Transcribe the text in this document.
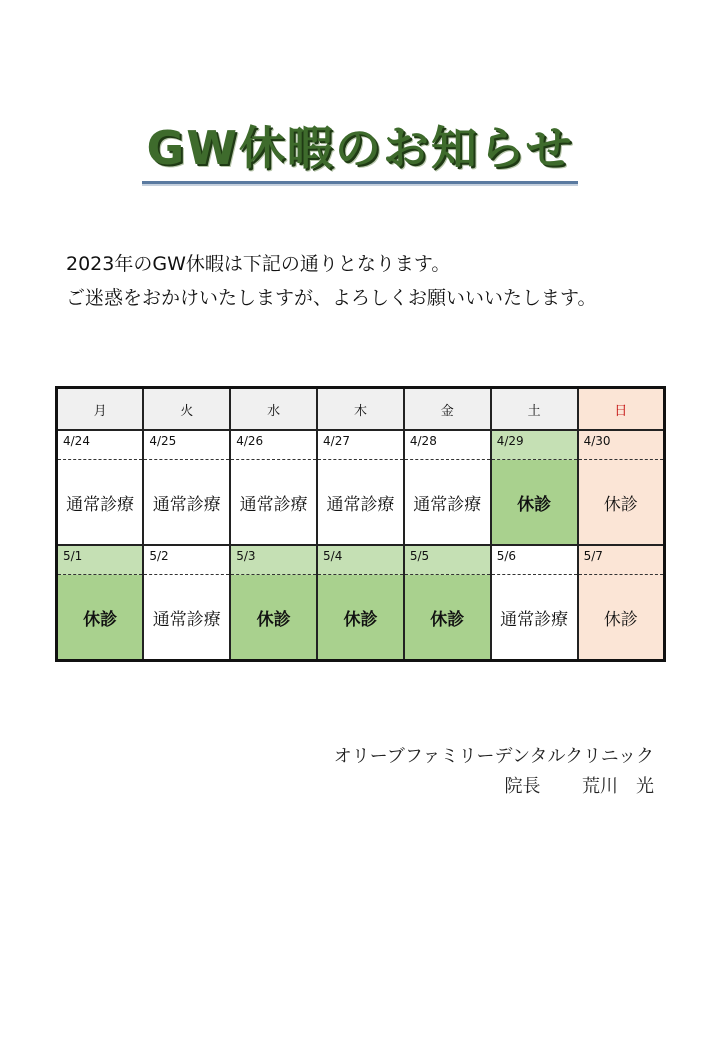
GW休暇のお知らせ

2023年のGW休暇は下記の通りとなります。

ご迷惑をおかけいたしますが、よろしくお願いいいたします。

月	火	水	木	金	土	日
4/24	4/25	4/26	4/27	4/28	4/29	4/30
通常診療	通常診療	通常診療	通常診療	通常診療	休診	休診
5/1	5/2	5/3	5/4	5/5	5/6	5/7
休診	通常診療	休診	休診	休診	通常診療	休診
オリーブファミリーデンタルクリニック
院長 荒川　光
